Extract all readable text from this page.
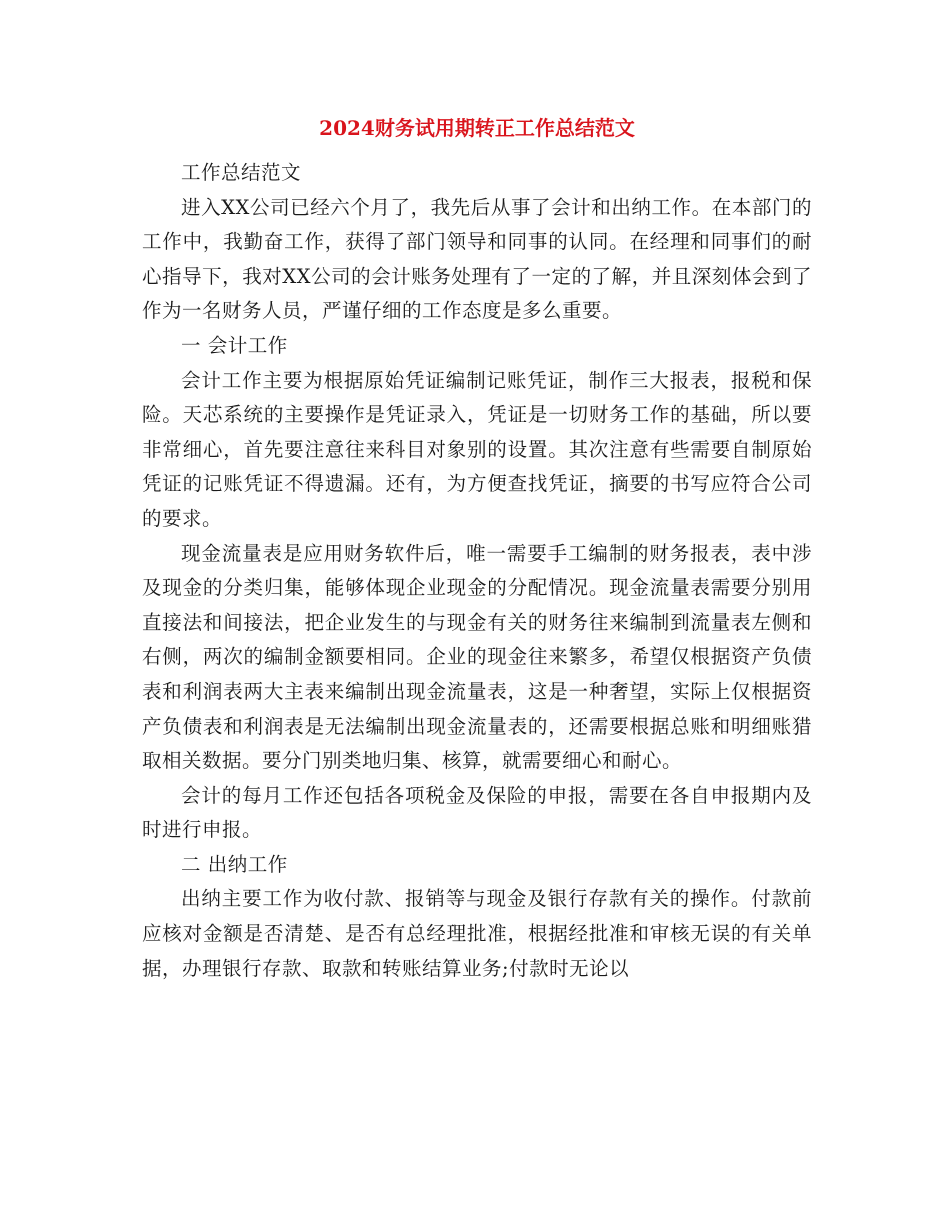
2024财务试用期转正工作总结范文

工作总结范文

进入XX公司已经六个月了，我先后从事了会计和出纳工作。在本部门的工作中，我勤奋工作，获得了部门领导和同事的认同。在经理和同事们的耐心指导下，我对XX公司的会计账务处理有了一定的了解，并且深刻体会到了作为一名财务人员，严谨仔细的工作态度是多么重要。

一 会计工作

会计工作主要为根据原始凭证编制记账凭证，制作三大报表，报税和保险。天芯系统的主要操作是凭证录入，凭证是一切财务工作的基础，所以要非常细心，首先要注意往来科目对象别的设置。其次注意有些需要自制原始凭证的记账凭证不得遗漏。还有，为方便查找凭证，摘要的书写应符合公司的要求。

现金流量表是应用财务软件后，唯一需要手工编制的财务报表，表中涉及现金的分类归集，能够体现企业现金的分配情况。现金流量表需要分别用直接法和间接法，把企业发生的与现金有关的财务往来编制到流量表左侧和右侧，两次的编制金额要相同。企业的现金往来繁多，希望仅根据资产负债表和利润表两大主表来编制出现金流量表，这是一种奢望，实际上仅根据资产负债表和利润表是无法编制出现金流量表的，还需要根据总账和明细账猎取相关数据。要分门别类地归集、核算，就需要细心和耐心。

会计的每月工作还包括各项税金及保险的申报，需要在各自申报期内及时进行申报。

二 出纳工作

出纳主要工作为收付款、报销等与现金及银行存款有关的操作。付款前应核对金额是否清楚、是否有总经理批准，根据经批准和审核无误的有关单据，办理银行存款、取款和转账结算业务;付款时无论以
